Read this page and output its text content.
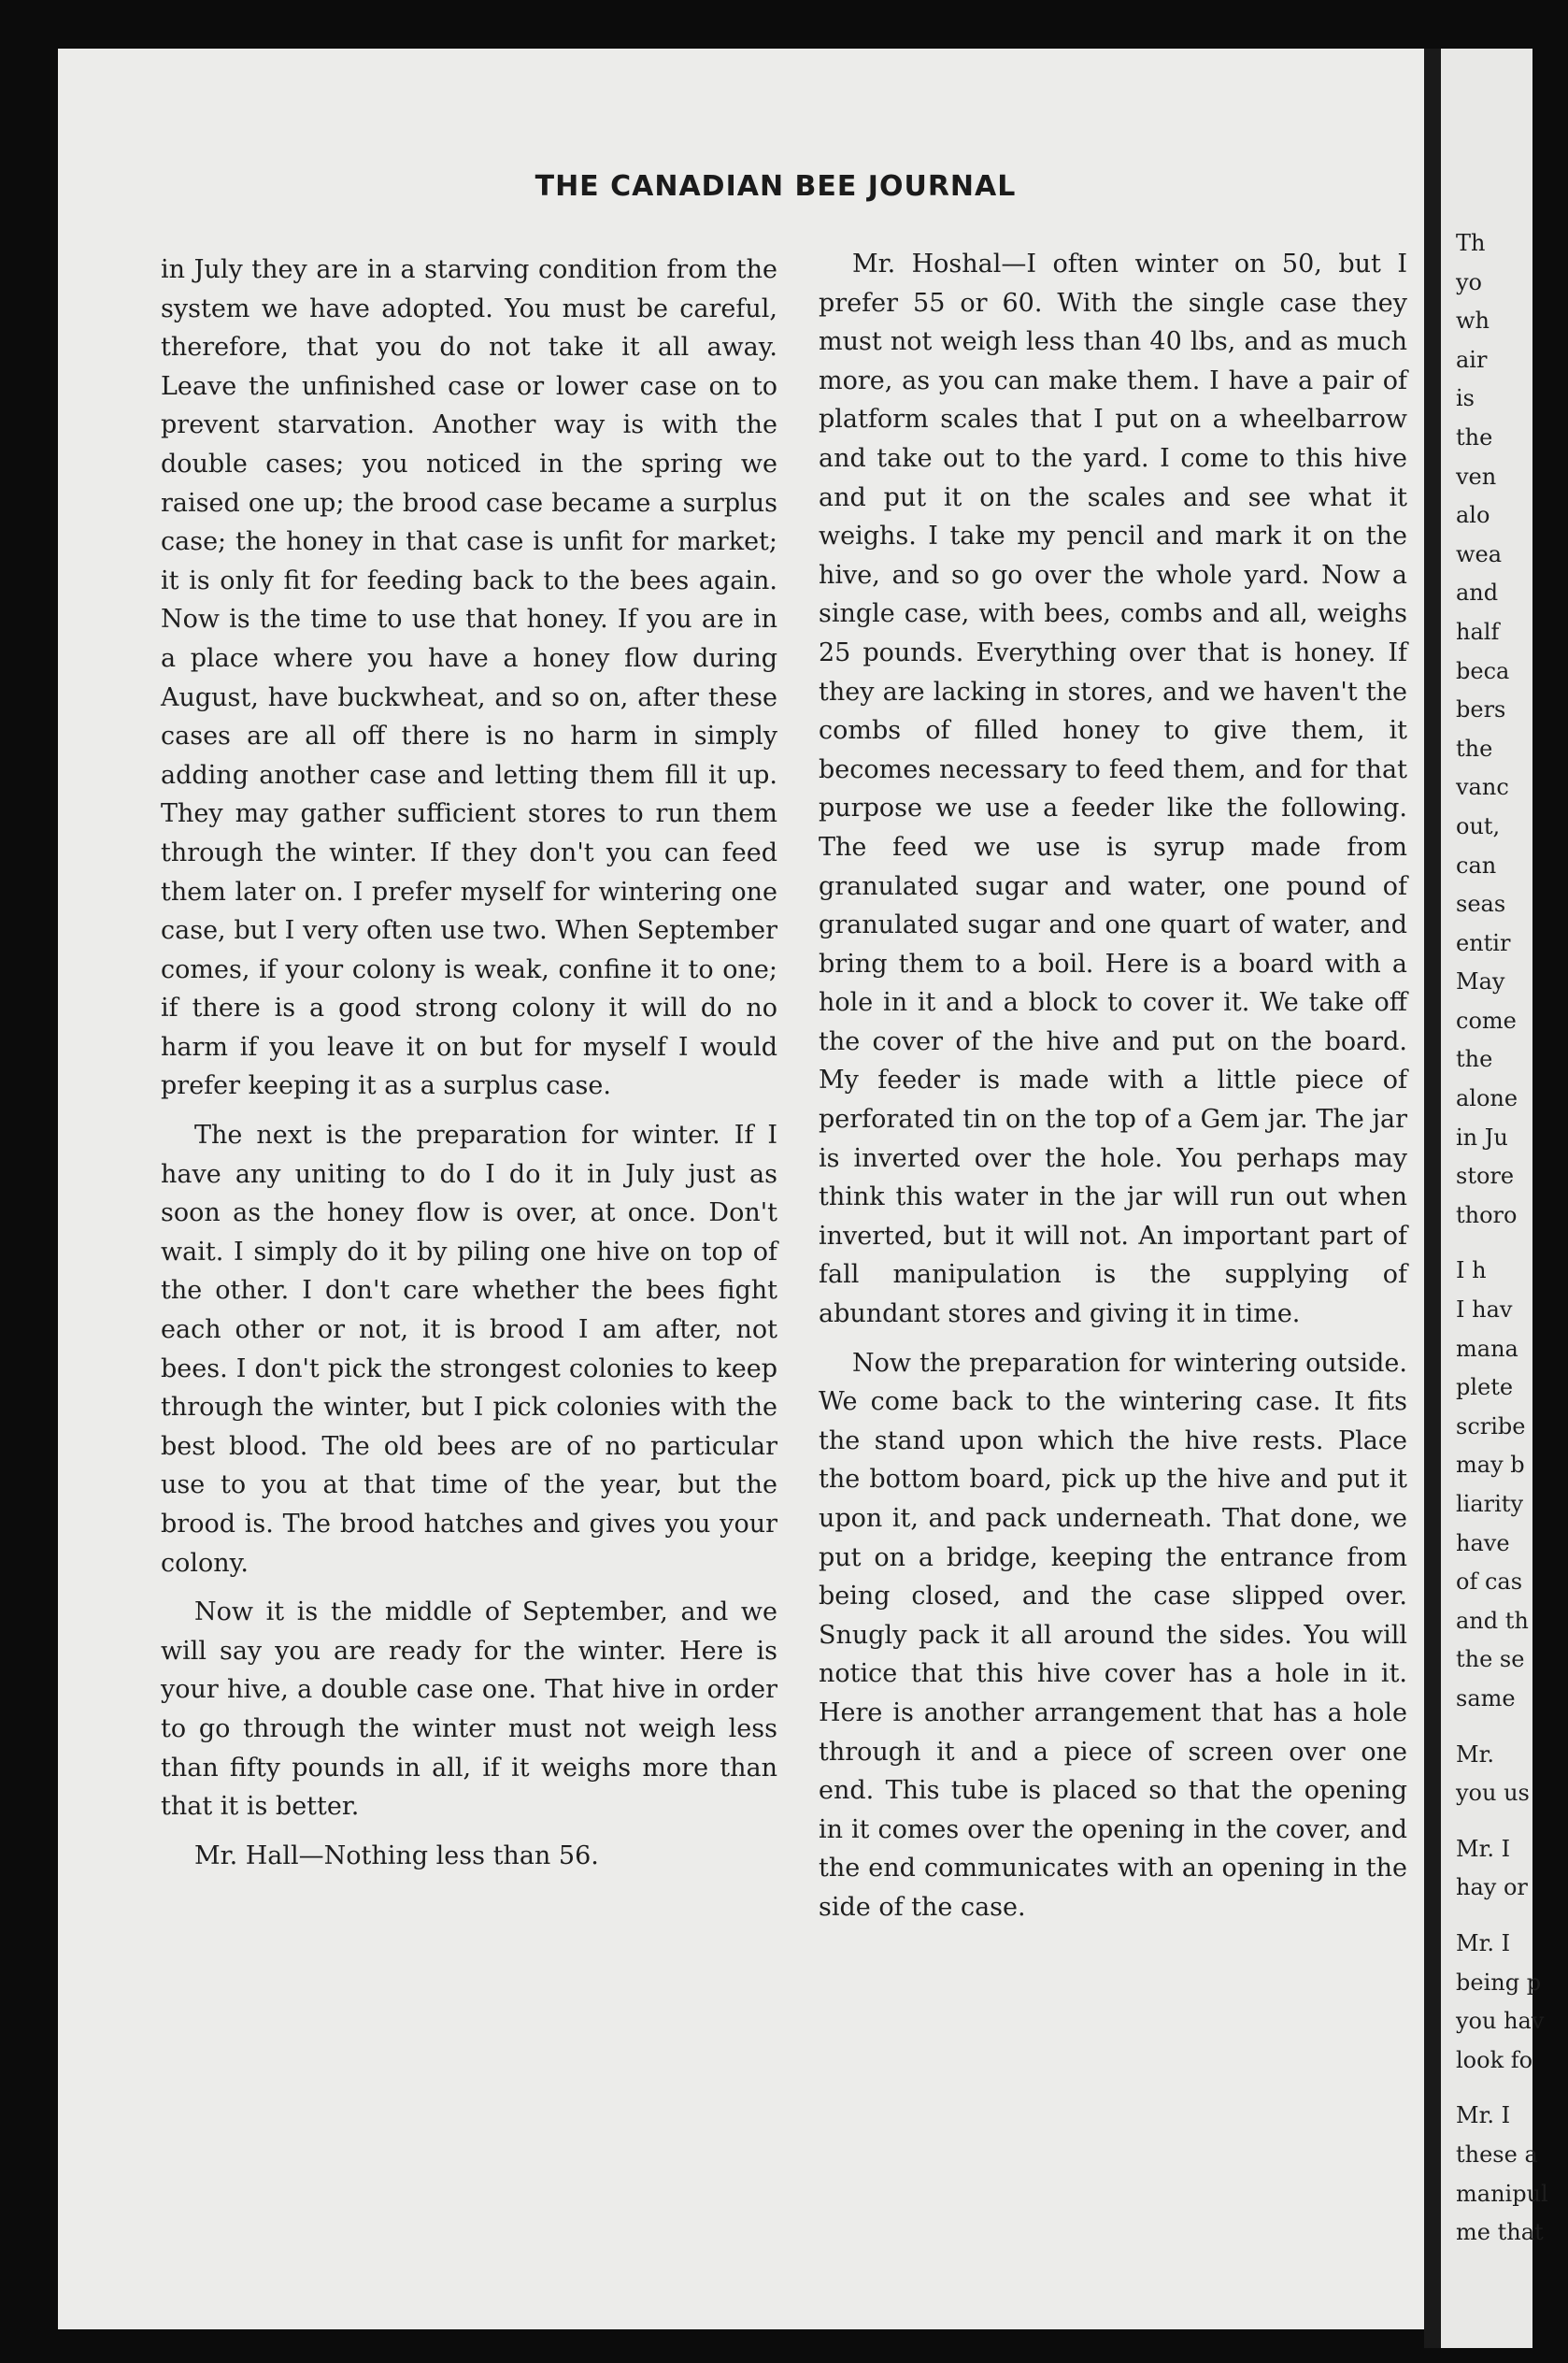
THE CANADIAN BEE JOURNAL

in July they are in a starving condition from the system we have adopted. You must be careful, therefore, that you do not take it all away. Leave the unfinished case or lower case on to prevent starvation. Another way is with the double cases; you noticed in the spring we raised one up; the brood case became a surplus case; the honey in that case is unfit for market; it is only fit for feeding back to the bees again. Now is the time to use that honey. If you are in a place where you have a honey flow during August, have buckwheat, and so on, after these cases are all off there is no harm in simply adding another case and letting them fill it up. They may gather sufficient stores to run them through the winter. If they don't you can feed them later on. I prefer myself for wintering one case, but I very often use two. When September comes, if your colony is weak, confine it to one; if there is a good strong colony it will do no harm if you leave it on but for myself I would prefer keeping it as a surplus case.

The next is the preparation for winter. If I have any uniting to do I do it in July just as soon as the honey flow is over, at once. Don't wait. I simply do it by piling one hive on top of the other. I don't care whether the bees fight each other or not, it is brood I am after, not bees. I don't pick the strongest colonies to keep through the winter, but I pick colonies with the best blood. The old bees are of no particular use to you at that time of the year, but the brood is. The brood hatches and gives you your colony.

Now it is the middle of September, and we will say you are ready for the winter. Here is your hive, a double case one. That hive in order to go through the winter must not weigh less than fifty pounds in all, if it weighs more than that it is better.

Mr. Hall—Nothing less than 56.

Mr. Hoshal—I often winter on 50, but I prefer 55 or 60. With the single case they must not weigh less than 40 lbs, and as much more, as you can make them. I have a pair of platform scales that I put on a wheelbarrow and take out to the yard. I come to this hive and put it on the scales and see what it weighs. I take my pencil and mark it on the hive, and so go over the whole yard. Now a single case, with bees, combs and all, weighs 25 pounds. Everything over that is honey. If they are lacking in stores, and we haven't the combs of filled honey to give them, it becomes necessary to feed them, and for that purpose we use a feeder like the following. The feed we use is syrup made from granulated sugar and water, one pound of granulated sugar and one quart of water, and bring them to a boil. Here is a board with a hole in it and a block to cover it. We take off the cover of the hive and put on the board. My feeder is made with a little piece of perforated tin on the top of a Gem jar. The jar is inverted over the hole. You perhaps may think this water in the jar will run out when inverted, but it will not. An important part of fall manipulation is the supplying of abundant stores and giving it in time.

Now the preparation for wintering outside. We come back to the wintering case. It fits the stand upon which the hive rests. Place the bottom board, pick up the hive and put it upon it, and pack underneath. That done, we put on a bridge, keeping the entrance from being closed, and the case slipped over. Snugly pack it all around the sides. You will notice that this hive cover has a hole in it. Here is another arrangement that has a hole through it and a piece of screen over one end. This tube is placed so that the opening in it comes over the opening in the cover, and the end communicates with an opening in the side of the case.

Th
yo
wh
air
is
the
ven
alo
wea
and
half
beca
bers
the
vanc
out,
can
seas
entir
May
come
the
alone
in Ju
store
thoro
I h
I hav
mana
plete
scribe
may b
liarity
have
of cas
and th
the se
same
Mr.
you us
Mr. I
hay or
Mr. I
being p
you hav
look fo
Mr. I
these a
manipul
me that
